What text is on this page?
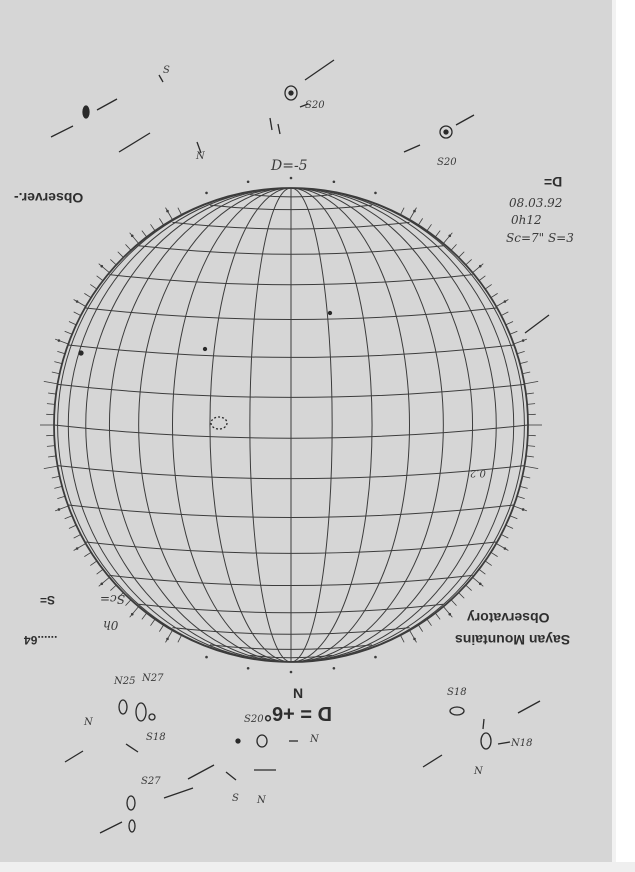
Observer.-
D=
D=-5
08.03.92
0h12
Sc=7" S=3
S=	Sc=
0h
......64	Sayan Mountains
Observatory
N
D = +6°
S20
S20
N
S
N25 N27
S18
S20
N
S27
S18
N18
N
N
N
S
0.2
